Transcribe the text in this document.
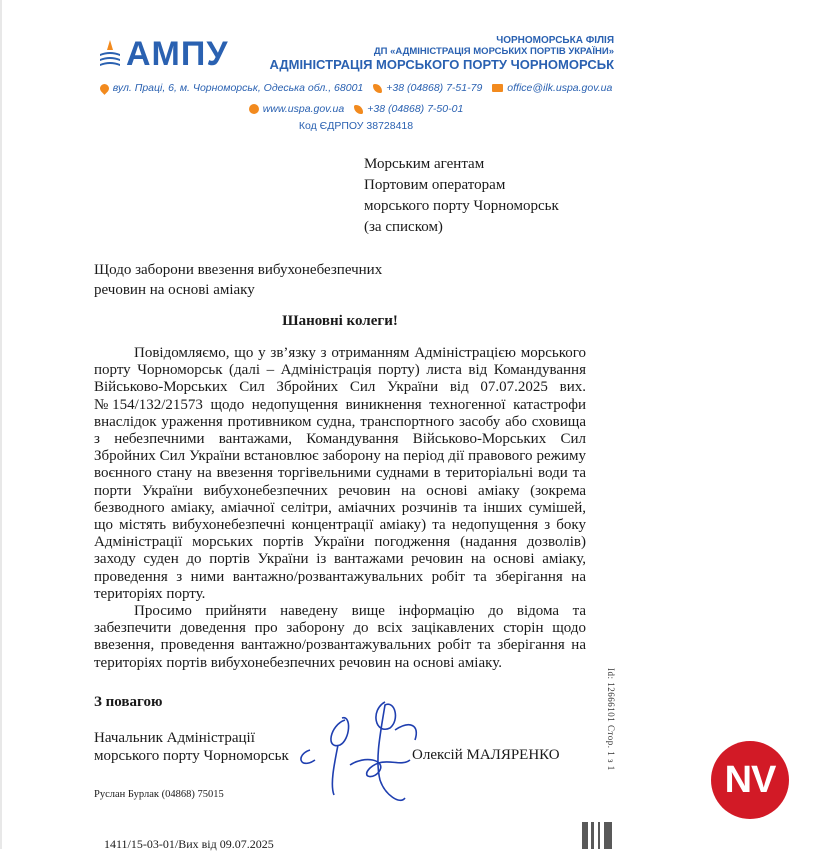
АМПУ	ЧОРНОМОРСЬКА ФІЛІЯ
ДП «АДМІНІСТРАЦІЯ МОРСЬКИХ ПОРТІВ УКРАЇНИ»
АДМІНІСТРАЦІЯ МОРСЬКОГО ПОРТУ ЧОРНОМОРСЬК
вул. Праці, 6, м. Чорноморськ, Одеська обл., 68001 +38 (04868) 7-51-79 office@ilk.uspa.gov.ua
www.uspa.gov.ua +38 (04868) 7-50-01
Код ЄДРПОУ 38728418
Морським агентам
Портовим операторам
морського порту Чорноморськ
(за списком)
Щодо заборони ввезення вибухонебезпечних
речовин на основі аміаку
Шановні колеги!

Повідомляємо, що у зв’язку з отриманням Адміністрацією морського порту Чорноморськ (далі – Адміністрація порту) листа від Командування Військово-Морських Сил Збройних Сил України від 07.07.2025 вих. №154/132/21573 щодо недопущення виникнення техногенної катастрофи внаслідок ураження противником судна, транспортного засобу або сховища з небезпечними вантажами, Командування Військово-Морських Сил Збройних Сил України встановлює заборону на період дії правового режиму воєнного стану на ввезення торгівельними суднами в територіальні води та порти України вибухонебезпечних речовин на основі аміаку (зокрема безводного аміаку, аміачної селітри, аміачних розчинів та інших сумішей, що містять вибухонебезпечні концентрації аміаку) та недопущення з боку Адміністрації морських портів України погодження (надання дозволів) заходу суден до портів України із вантажами речовин на основі аміаку, проведення з ними вантажно/розвантажувальних робіт та зберігання на територіях порту.

Просимо прийняти наведену вище інформацію до відома та забезпечити доведення про заборону до всіх зацікавлених сторін щодо ввезення, проведення вантажно/розвантажувальних робіт та зберігання на територіях портів вибухонебезпечних речовин на основі аміаку.

З повагою
Начальник Адміністрації
морського порту Чорноморськ	Олексій МАЛЯРЕНКО
Руслан Бурлак (04868) 75015
1411/15-03-01/Вих від 09.07.2025
Id: 12666101 Стор. 1 з 1
NV
